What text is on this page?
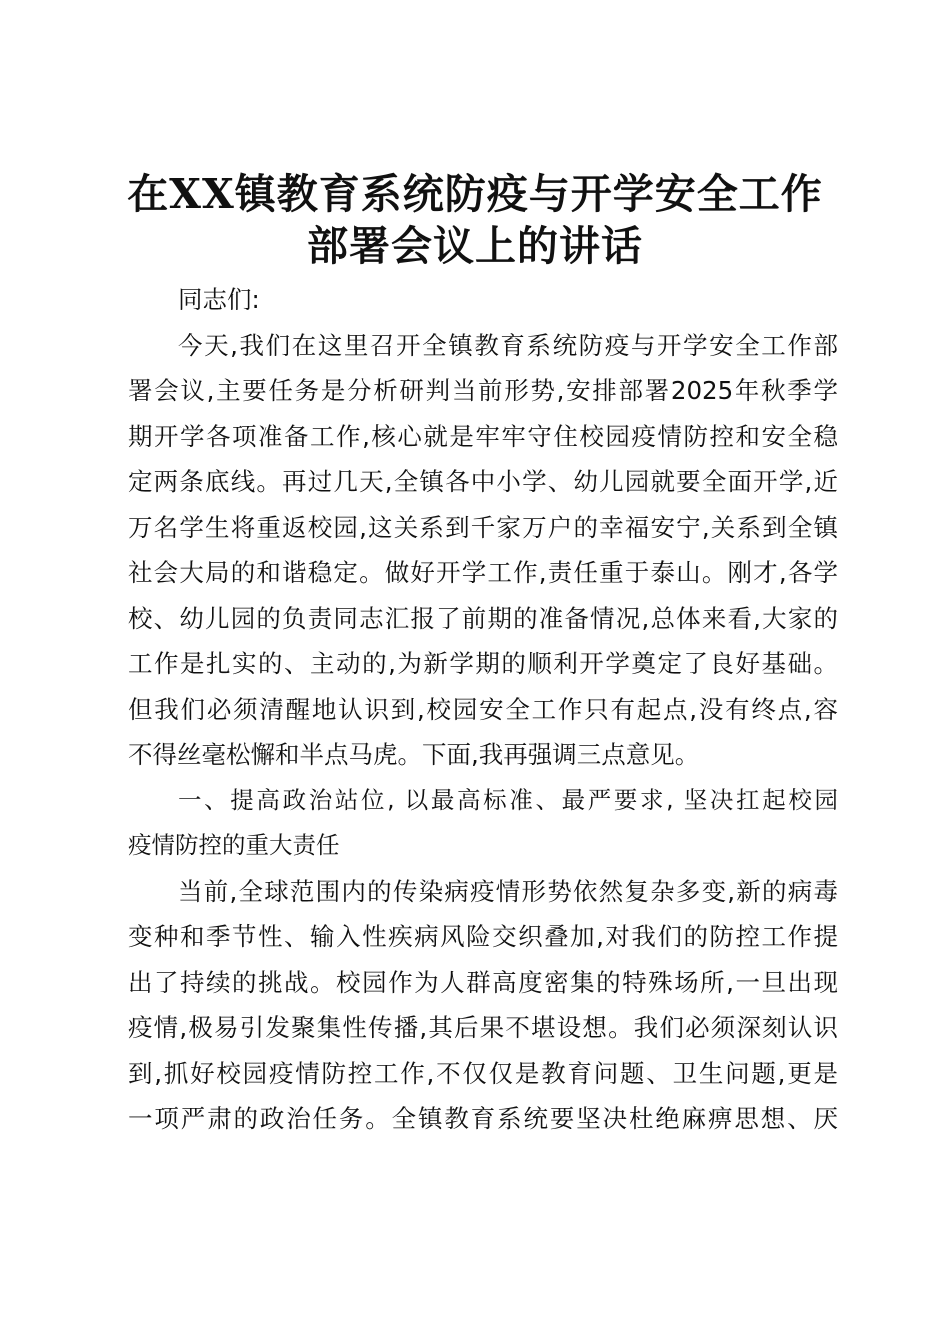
在XX镇教育系统防疫与开学安全工作
部署会议上的讲话
同志们:
今天,我们在这里召开全镇教育系统防疫与开学安全工作部
署会议,主要任务是分析研判当前形势,安排部署2025年秋季学
期开学各项准备工作,核心就是牢牢守住校园疫情防控和安全稳
定两条底线。再过几天,全镇各中小学、幼儿园就要全面开学,近
万名学生将重返校园,这关系到千家万户的幸福安宁,关系到全镇
社会大局的和谐稳定。做好开学工作,责任重于泰山。刚才,各学
校、幼儿园的负责同志汇报了前期的准备情况,总体来看,大家的
工作是扎实的、主动的,为新学期的顺利开学奠定了良好基础。
但我们必须清醒地认识到,校园安全工作只有起点,没有终点,容
不得丝毫松懈和半点马虎。下面,我再强调三点意见。
一、提高政治站位, 以最高标准、最严要求, 坚决扛起校园
疫情防控的重大责任
当前,全球范围内的传染病疫情形势依然复杂多变,新的病毒
变种和季节性、输入性疾病风险交织叠加,对我们的防控工作提
出了持续的挑战。校园作为人群高度密集的特殊场所,一旦出现
疫情,极易引发聚集性传播,其后果不堪设想。我们必须深刻认识
到,抓好校园疫情防控工作,不仅仅是教育问题、卫生问题,更是
一项严肃的政治任务。全镇教育系统要坚决杜绝麻痹思想、厌
